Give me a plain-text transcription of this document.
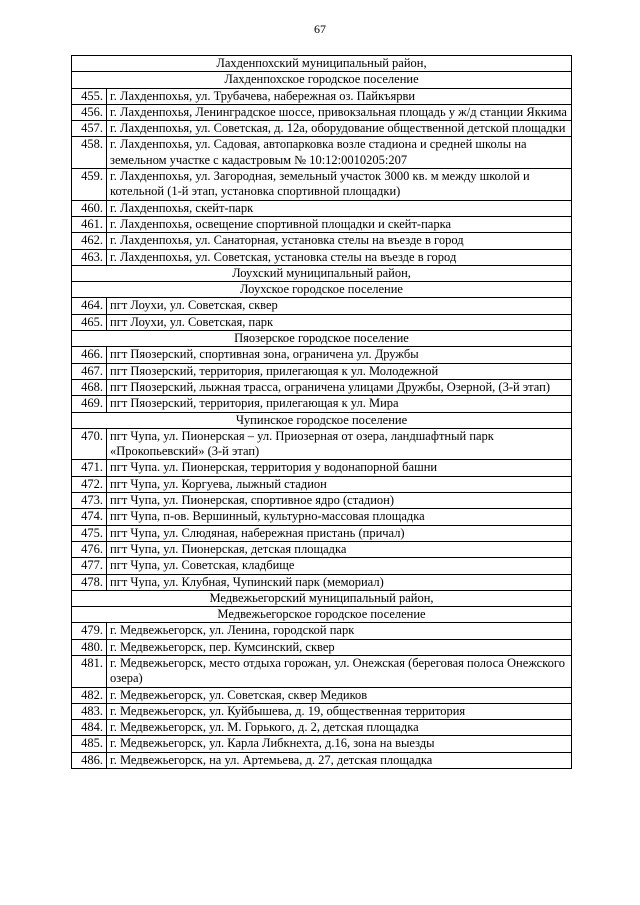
67
Лахденпохский муниципальный район,	
Лахденпохское городское поселение	
455.	г. Лахденпохья, ул. Трубачева, набережная оз. Пайкъярви
456.	г. Лахденпохья, Ленинградское шоссе, привокзальная площадь у ж/д станции Яккима
457.	г. Лахденпохья, ул. Советская, д. 12а, оборудование общественной детской площадки
458.	г. Лахденпохья, ул. Садовая, автопарковка возле стадиона и средней школы на земельном участке с кадастровым № 10:12:0010205:207
459.	г. Лахденпохья, ул. Загородная, земельный участок 3000 кв. м между школой и котельной (1-й этап, установка спортивной площадки)
460.	г. Лахденпохья, скейт-парк
461.	г. Лахденпохья, освещение спортивной площадки и скейт-парка
462.	г. Лахденпохья, ул. Санаторная, установка стелы на въезде в город
463.	г. Лахденпохья, ул. Советская, установка стелы на въезде в город
Лоухский муниципальный район,	
Лоухское городское поселение	
464.	пгт Лоухи, ул. Советская, сквер
465.	пгт Лоухи, ул. Советская, парк
Пяозерское городское поселение	
466.	пгт Пяозерский, спортивная зона, ограничена ул. Дружбы
467.	пгт Пяозерский, территория, прилегающая к ул. Молодежной
468.	пгт Пяозерский, лыжная трасса, ограничена улицами Дружбы, Озерной, (3-й этап)
469.	пгт Пяозерский, территория, прилегающая к ул. Мира
Чупинское городское поселение	
470.	пгт Чупа, ул. Пионерская – ул. Приозерная от озера, ландшафтный парк «Прокопьевский» (3-й этап)
471.	пгт Чупа. ул. Пионерская, территория у водонапорной башни
472.	пгт Чупа, ул. Коргуева, лыжный стадион
473.	пгт Чупа, ул. Пионерская, спортивное ядро (стадион)
474.	пгт Чупа, п-ов. Вершинный, культурно-массовая площадка
475.	пгт Чупа, ул. Слюдяная, набережная пристань (причал)
476.	пгт Чупа, ул. Пионерская, детская площадка
477.	пгт Чупа, ул. Советская, кладбище
478.	пгт Чупа, ул. Клубная, Чупинский парк (мемориал)
Медвежьегорский муниципальный район,	
Медвежьегорское городское поселение	
479.	г. Медвежьегорск, ул. Ленина, городской парк
480.	г. Медвежьегорск, пер. Кумсинский, сквер
481.	г. Медвежьегорск, место отдыха горожан, ул. Онежская (береговая полоса Онежского озера)
482.	г. Медвежьегорск, ул. Советская, сквер Медиков
483.	г. Медвежьегорск, ул. Куйбышева, д. 19, общественная территория
484.	г. Медвежьегорск, ул. М. Горького, д. 2, детская площадка
485.	г. Медвежьегорск, ул. Карла Либкнехта, д.16, зона на выезды
486.	г. Медвежьегорск, на ул. Артемьева, д. 27, детская площадка
